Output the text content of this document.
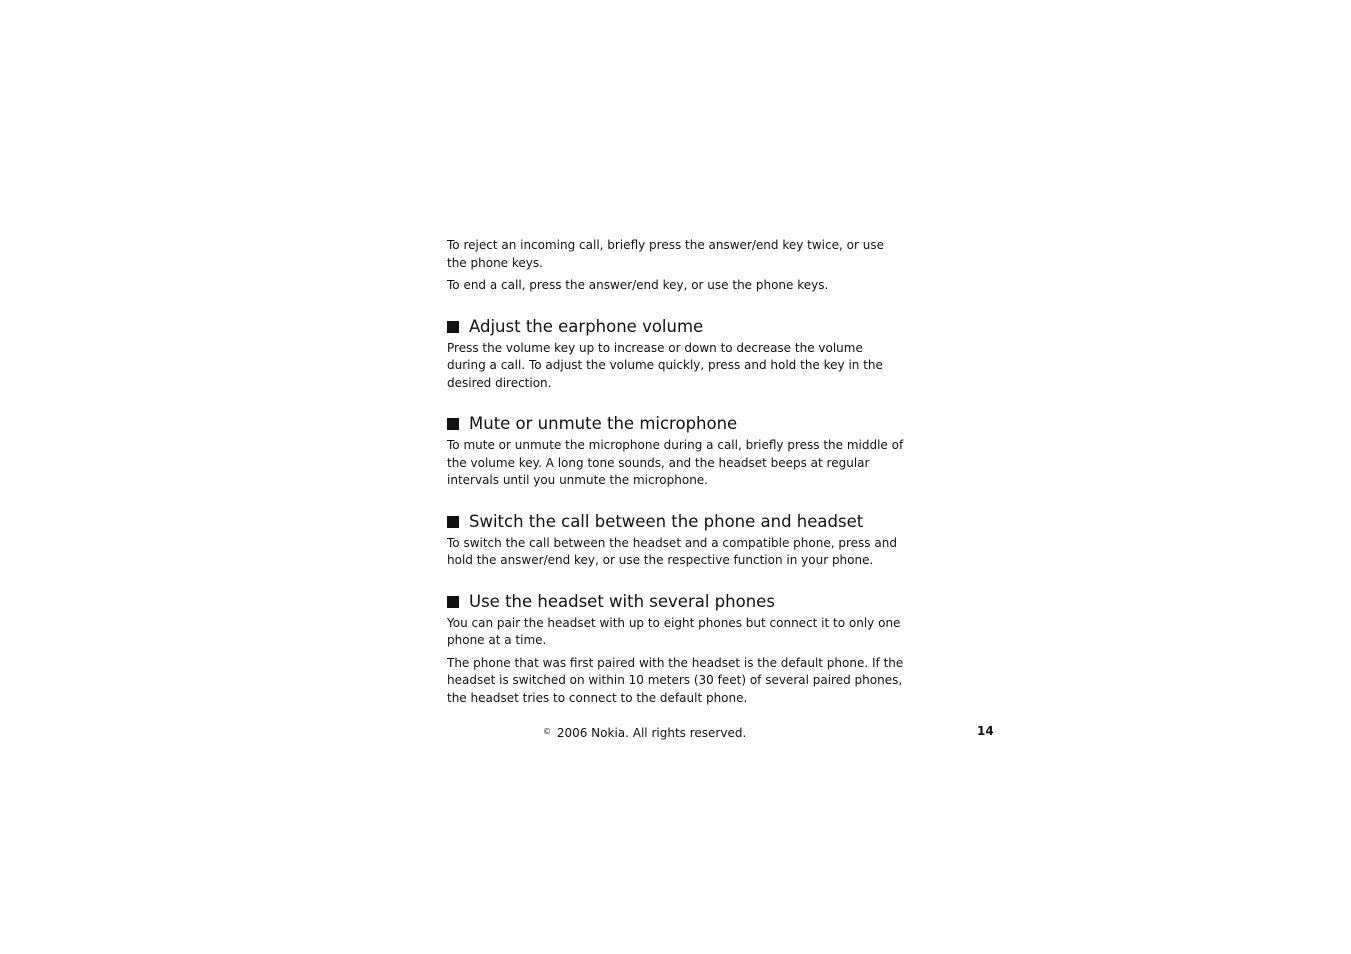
To reject an incoming call, briefly press the answer/end key twice, or use the phone keys.

To end a call, press the answer/end key, or use the phone keys.

Adjust the earphone volume

Press the volume key up to increase or down to decrease the volume during a call. To adjust the volume quickly, press and hold the key in the desired direction.

Mute or unmute the microphone

To mute or unmute the microphone during a call, briefly press the middle of the volume key. A long tone sounds, and the headset beeps at regular intervals until you unmute the microphone.

Switch the call between the phone and headset

To switch the call between the headset and a compatible phone, press and hold the answer/end key, or use the respective function in your phone.

Use the headset with several phones

You can pair the headset with up to eight phones but connect it to only one phone at a time.

The phone that was first paired with the headset is the default phone. If the headset is switched on within 10 meters (30 feet) of several paired phones, the headset tries to connect to the default phone.

© 2006 Nokia. All rights reserved.	14
